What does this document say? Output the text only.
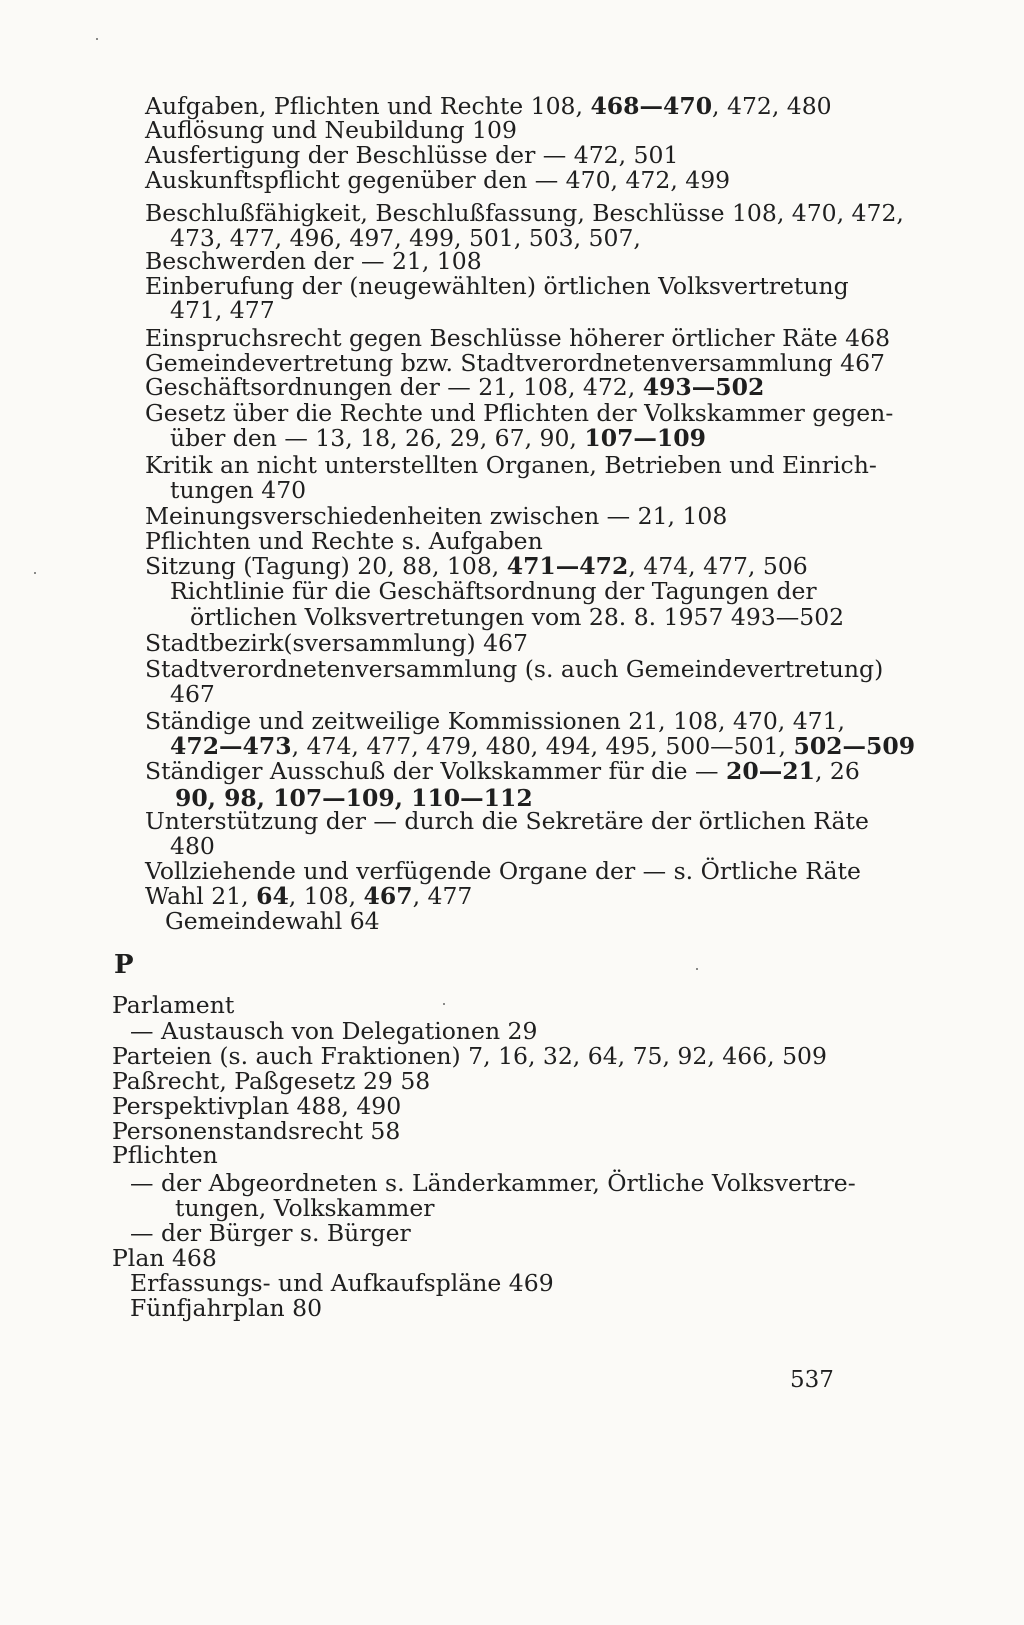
Aufgaben, Pflichten und Rechte 108, 468—470, 472, 480
Auflösung und Neubildung 109
Ausfertigung der Beschlüsse der — 472, 501
Auskunftspflicht gegenüber den — 470, 472, 499
Beschlußfähigkeit, Beschlußfassung, Beschlüsse 108, 470, 472,
473, 477, 496, 497, 499, 501, 503, 507,
Beschwerden der — 21, 108
Einberufung der (neugewählten) örtlichen Volksvertretung
471, 477
Einspruchsrecht gegen Beschlüsse höherer örtlicher Räte 468
Gemeindevertretung bzw. Stadtverordnetenversammlung 467
Geschäftsordnungen der — 21, 108, 472, 493—502
Gesetz über die Rechte und Pflichten der Volkskammer gegen-
über den — 13, 18, 26, 29, 67, 90, 107—109
Kritik an nicht unterstellten Organen, Betrieben und Einrich-
tungen 470
Meinungsverschiedenheiten zwischen — 21, 108
Pflichten und Rechte s. Aufgaben
Sitzung (Tagung) 20, 88, 108, 471—472, 474, 477, 506
Richtlinie für die Geschäftsordnung der Tagungen der
örtlichen Volksvertretungen vom 28. 8. 1957 493—502
Stadtbezirk(sversammlung) 467
Stadtverordnetenversammlung (s. auch Gemeindevertretung)
467
Ständige und zeitweilige Kommissionen 21, 108, 470, 471,
472—473, 474, 477, 479, 480, 494, 495, 500—501, 502—509
Ständiger Ausschuß der Volkskammer für die — 20—21, 26
90, 98, 107—109, 110—112
Unterstützung der — durch die Sekretäre der örtlichen Räte
480
Vollziehende und verfügende Organe der — s. Örtliche Räte
Wahl 21, 64, 108, 467, 477
Gemeindewahl 64
Parlament
— Austausch von Delegationen 29
Parteien (s. auch Fraktionen) 7, 16, 32, 64, 75, 92, 466, 509
Paßrecht, Paßgesetz 29 58
Perspektivplan 488, 490
Personenstandsrecht 58
Pflichten
— der Abgeordneten s. Länderkammer, Örtliche Volksvertre-
tungen, Volkskammer
— der Bürger s. Bürger
Plan 468
Erfassungs- und Aufkaufspläne 469
Fünfjahrplan 80
P
537
